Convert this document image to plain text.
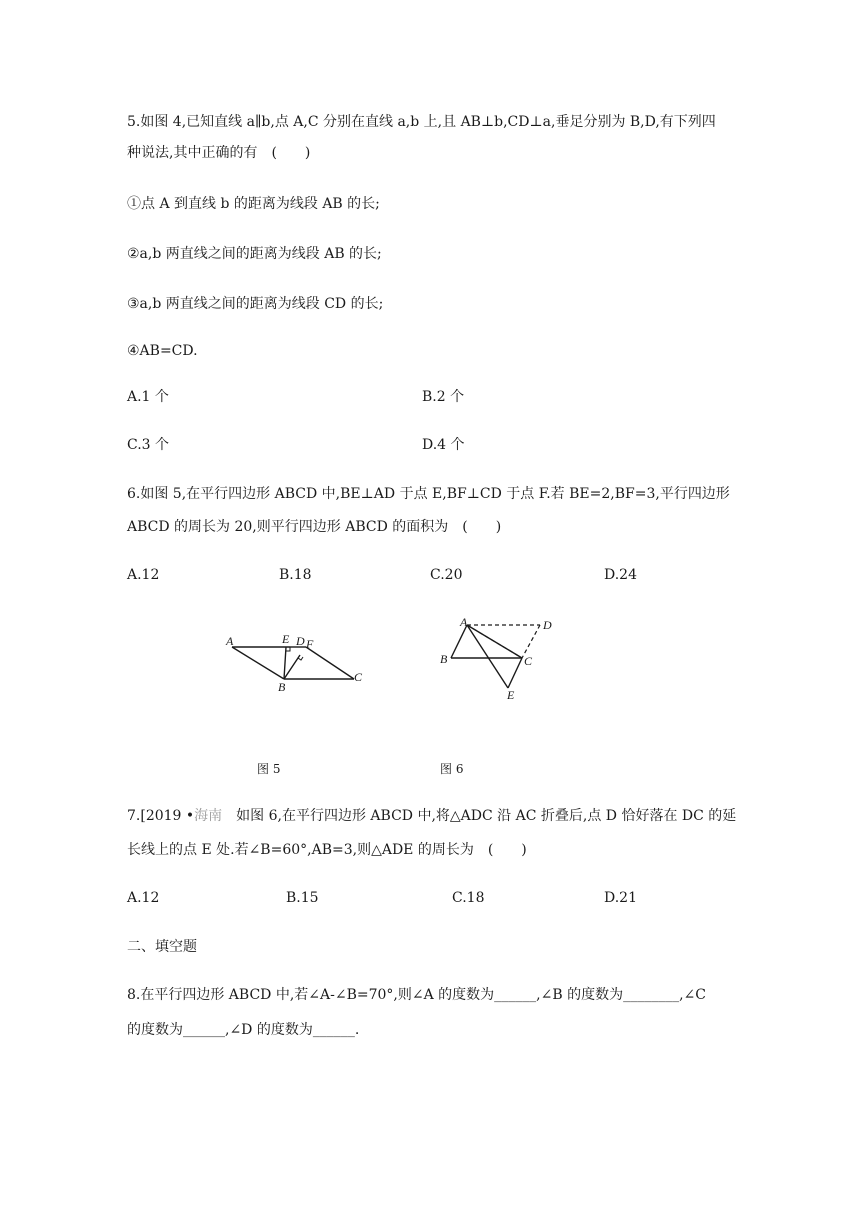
5.如图 4,已知直线 a∥b,点 A,C 分别在直线 a,b 上,且 AB⊥b,CD⊥a,垂足分别为 B,D,有下列四
种说法,其中正确的有　(　　)
①点 A 到直线 b 的距离为线段 AB 的长;
②a,b 两直线之间的距离为线段 AB 的长;
③a,b 两直线之间的距离为线段 CD 的长;
④AB=CD.
A.1 个	B.2 个
C.3 个	D.4 个
6.如图 5,在平行四边形 ABCD 中,BE⊥AD 于点 E,BF⊥CD 于点 F.若 BE=2,BF=3,平行四边形
ABCD 的周长为 20,则平行四边形 ABCD 的面积为　(　　)
A.12	B.18	C.20	D.24
A	E D F
B
C
A	D
B	C
E
图 5	图 6
7.[2019 •海南　如图 6,在平行四边形 ABCD 中,将△ADC 沿 AC 折叠后,点 D 恰好落在 DC 的延
长线上的点 E 处.若∠B=60°,AB=3,则△ADE 的周长为　(　　)
A.12	B.15	C.18	D.21
二、填空题
8.在平行四边形 ABCD 中,若∠A-∠B=70°,则∠A 的度数为______,∠B 的度数为________,∠C
的度数为______,∠D 的度数为______.
